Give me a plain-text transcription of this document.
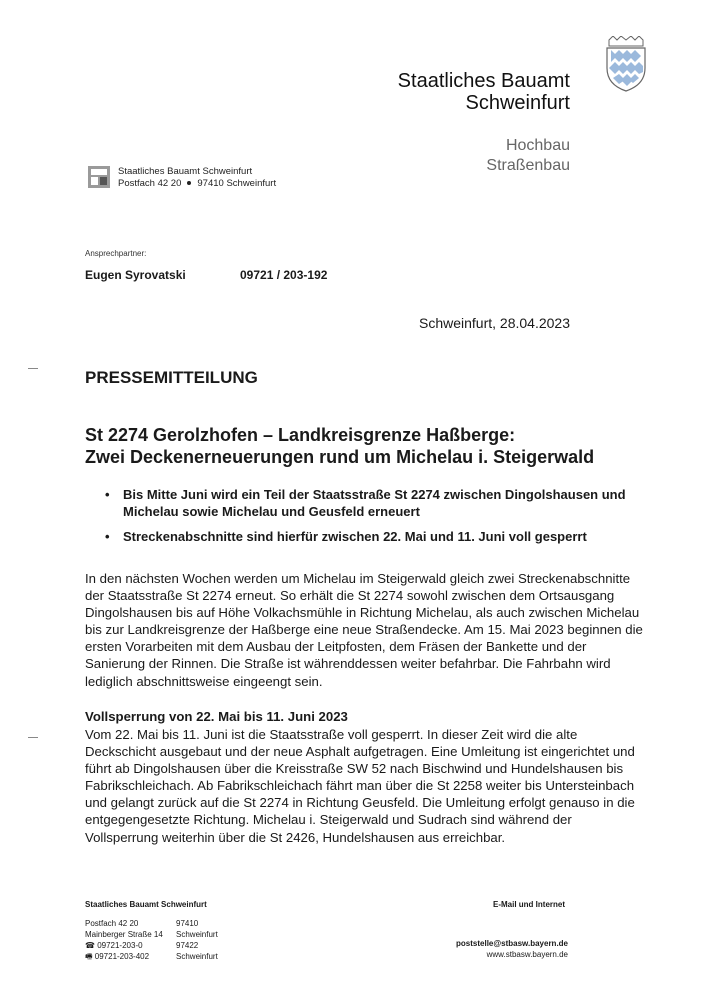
Staatliches Bauamt
Schweinfurt
Hochbau
Straßenbau
Staatliches Bauamt Schweinfurt
Postfach 42 20 97410 Schweinfurt
Ansprechpartner:
Eugen Syrovatski	09721 / 203-192
Schweinfurt, 28.04.2023
PRESSEMITTEILUNG
St 2274 Gerolzhofen – Landkreisgrenze Haßberge:
Zwei Deckenerneuerungen rund um Michelau i. Steigerwald
• Bis Mitte Juni wird ein Teil der Staatsstraße St 2274 zwischen Dingolshausen und Michelau sowie Michelau und Geusfeld erneuert
• Streckenabschnitte sind hierfür zwischen 22. Mai und 11. Juni voll gesperrt
In den nächsten Wochen werden um Michelau im Steigerwald gleich zwei Streckenabschnitte der Staatsstraße St 2274 erneut. So erhält die St 2274 sowohl zwischen dem Ortsausgang Dingolshausen bis auf Höhe Volkachsmühle in Richtung Michelau, als auch zwischen Michelau bis zur Landkreisgrenze der Haßberge eine neue Straßendecke. Am 15. Mai 2023 beginnen die ersten Vorarbeiten mit dem Ausbau der Leitpfosten, dem Fräsen der Bankette und der Sanierung der Rinnen. Die Straße ist währenddessen weiter befahrbar. Die Fahrbahn wird lediglich abschnittsweise eingeengt sein.
Vollsperrung von 22. Mai bis 11. Juni 2023
Vom 22. Mai bis 11. Juni ist die Staatsstraße voll gesperrt. In dieser Zeit wird die alte Deckschicht ausgebaut und der neue Asphalt aufgetragen. Eine Umleitung ist eingerichtet und führt ab Dingolshausen über die Kreisstraße SW 52 nach Bischwind und Hundelshausen bis Fabrikschleichach. Ab Fabrikschleichach fährt man über die St 2258 weiter bis Untersteinbach und gelangt zurück auf die St 2274 in Richtung Geusfeld. Die Umleitung erfolgt genauso in die entgegengesetzte Richtung. Michelau i. Steigerwald und Sudrach sind während der Vollsperrung weiterhin über die St 2426, Hundelshausen aus erreichbar.
Staatliches Bauamt Schweinfurt
Postfach 42 20
Mainberger Straße 14
☎ 09721-203-0
🖷 09721-203-402
97410 Schweinfurt
97422 Schweinfurt
E-Mail und Internet
poststelle@stbasw.bayern.de
www.stbasw.bayern.de
